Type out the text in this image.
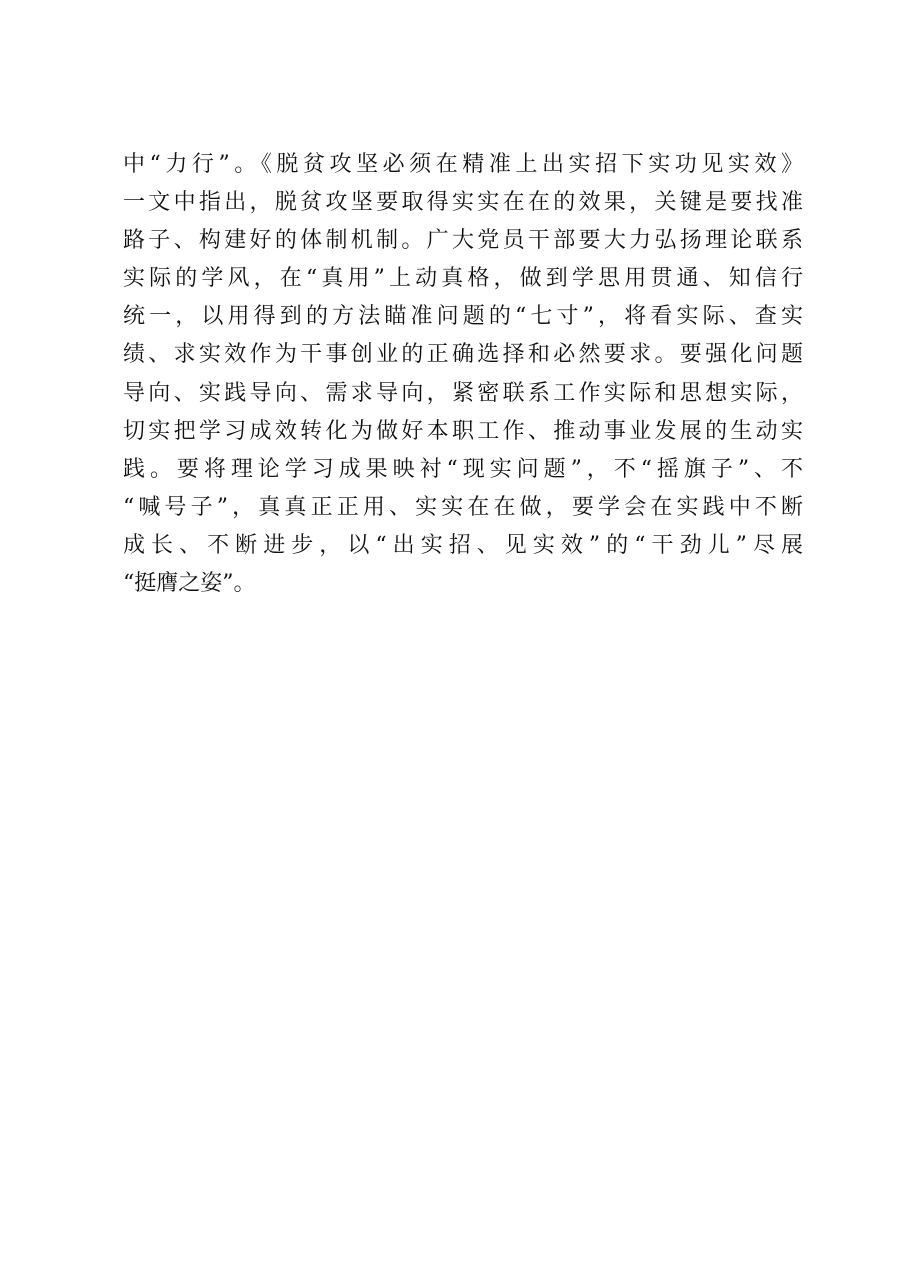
中“力行”。《脱贫攻坚必须在精准上出实招下实功见实效》
一文中指出，脱贫攻坚要取得实实在在的效果，关键是要找准
路子、构建好的体制机制。广大党员干部要大力弘扬理论联系
实际的学风，在“真用”上动真格，做到学思用贯通、知信行
统一，以用得到的方法瞄准问题的“七寸”，将看实际、查实
绩、求实效作为干事创业的正确选择和必然要求。要强化问题
导向、实践导向、需求导向，紧密联系工作实际和思想实际，
切实把学习成效转化为做好本职工作、推动事业发展的生动实
践。要将理论学习成果映衬“现实问题”，不“摇旗子”、不
“喊号子”，真真正正用、实实在在做，要学会在实践中不断
成长、不断进步，以“出实招、见实效”的“干劲儿”尽展
“挺膺之姿”。
